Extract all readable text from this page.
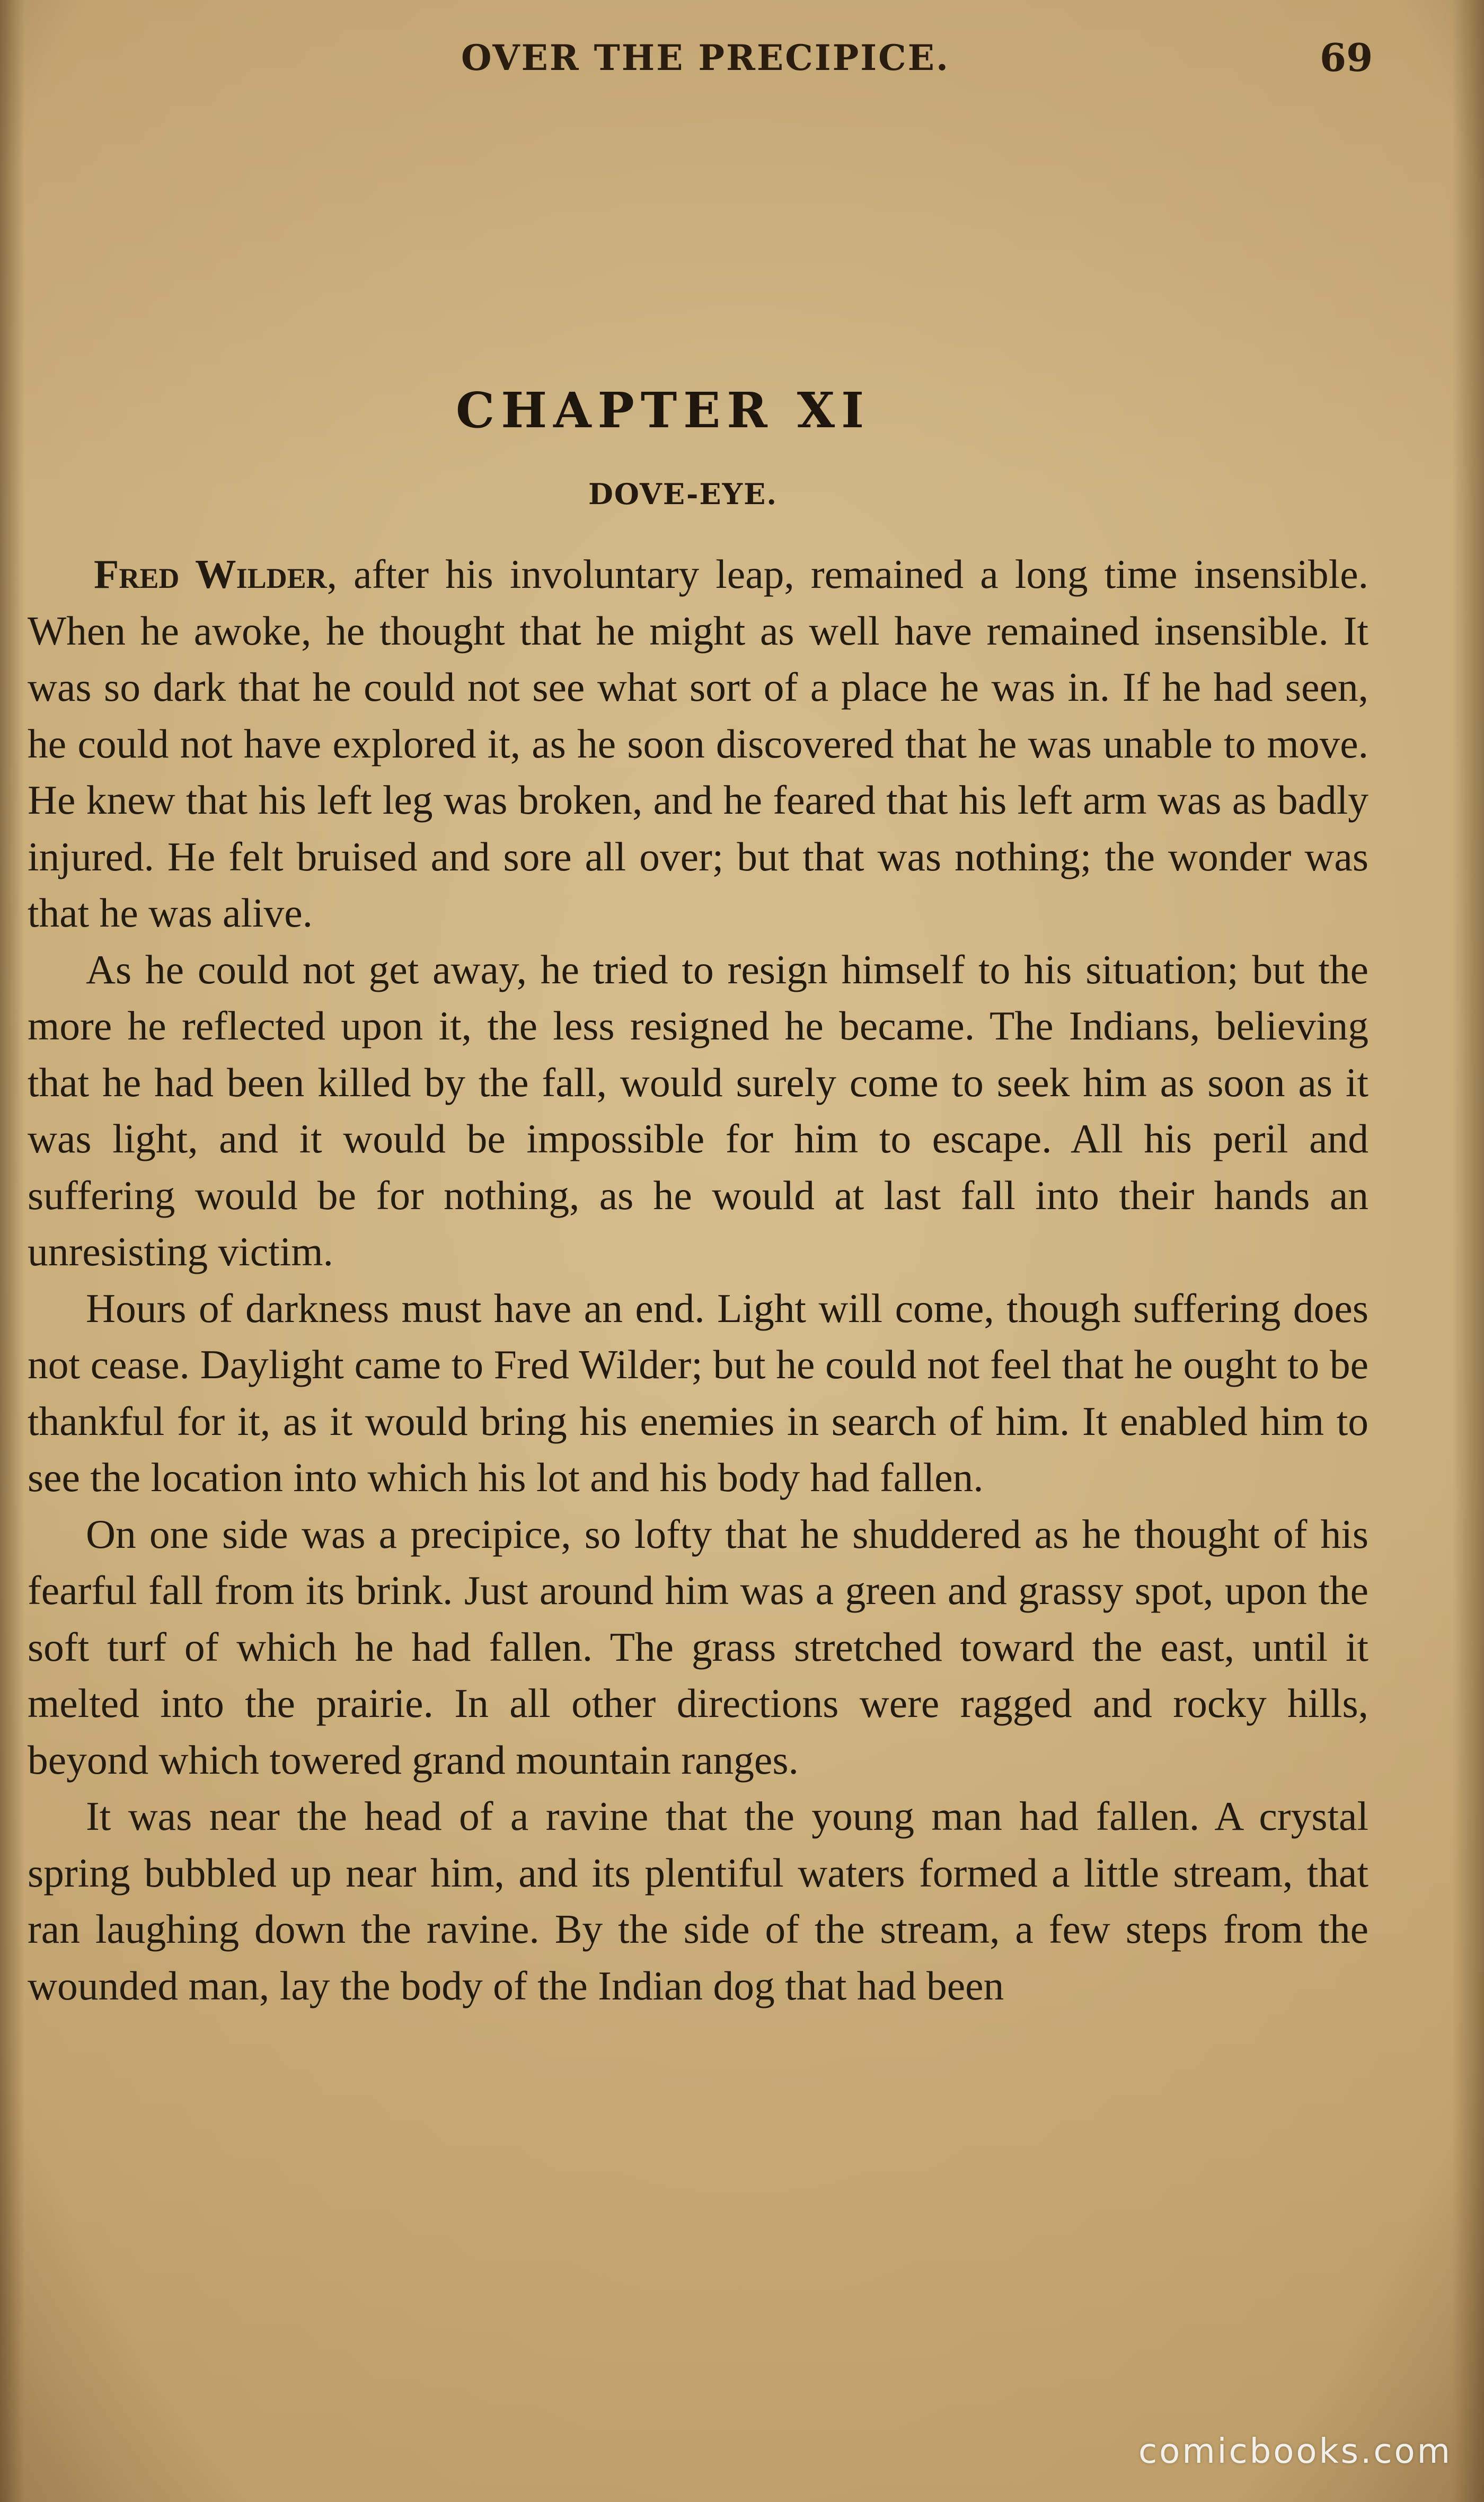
OVER THE PRECIPICE.	69
CHAPTER XI
DOVE-EYE.

Fred Wilder, after his involuntary leap, remained a long time insensible. When he awoke, he thought that he might as well have remained insensible. It was so dark that he could not see what sort of a place he was in. If he had seen, he could not have explored it, as he soon discovered that he was unable to move. He knew that his left leg was broken, and he feared that his left arm was as badly injured. He felt bruised and sore all over; but that was nothing; the wonder was that he was alive.

As he could not get away, he tried to resign himself to his situation; but the more he reflected upon it, the less resigned he became. The Indians, believing that he had been killed by the fall, would surely come to seek him as soon as it was light, and it would be impossible for him to escape. All his peril and suffering would be for nothing, as he would at last fall into their hands an unresisting victim.

Hours of darkness must have an end. Light will come, though suffering does not cease. Daylight came to Fred Wilder; but he could not feel that he ought to be thankful for it, as it would bring his enemies in search of him. It enabled him to see the location into which his lot and his body had fallen.

On one side was a precipice, so lofty that he shuddered as he thought of his fearful fall from its brink. Just around him was a green and grassy spot, upon the soft turf of which he had fallen. The grass stretched toward the east, until it melted into the prairie. In all other directions were ragged and rocky hills, beyond which towered grand mountain ranges.

It was near the head of a ravine that the young man had fallen. A crystal spring bubbled up near him, and its plentiful waters formed a little stream, that ran laughing down the ravine. By the side of the stream, a few steps from the wounded man, lay the body of the Indian dog that had been

comicbooks.com
